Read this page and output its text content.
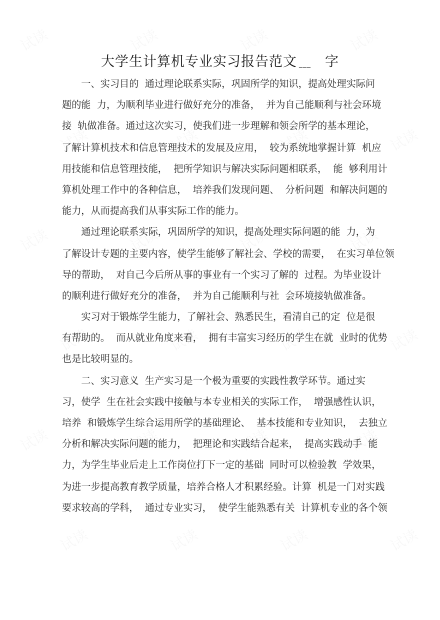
大学生计算机专业实习报告范文 ___ 字
　　一、实习目的  通过理论联系实际，巩固所学的知识，提高处理实际问
题的能  力，为顺利毕业进行做好充分的准备，  并为自己能顺利与社会环境
接  轨做准备。通过这次实习，使我们进一步理解和领会所学的基本理论，
了解计算机技术和信息管理技术的发展及应用，  较为系统地掌握计算  机应
用技能和信息管理技能，  把所学知识与解决实际问题相联系，  能  够利用计
算机处理工作中的各种信息，  培养我们发现问题、  分析问题  和解决问题的
能力，从而提高我们从事实际工作的能力。
　　通过理论联系实际，巩固所学的知识，提高处理实际问题的能  力，为
了解设计专题的主要内容，使学生能够了解社会、学校的需要，  在实习单位领
导的帮助，  对自己今后所从事的事业有一个实习了解的  过程。为毕业设计
的顺利进行做好充分的准备，  并为自己能顺利与社  会环境接轨做准备。
　　实习对于锻炼学生能力，了解社会、熟悉民生，看清自己的定  位是很
有帮助的。  而从就业角度来看，  拥有丰富实习经历的学生在就  业时的优势
也是比较明显的。
　　二、实习意义  生产实习是一个极为重要的实践性教学环节。通过实
习，使学  生在社会实践中接触与本专业相关的实际工作，  增强感性认识，
培养  和锻炼学生综合运用所学的基础理论、  基本技能和专业知识，  去独立
分析和解决实际问题的能力，  把理论和实践结合起来，  提高实践动手  能
力，为学生毕业后走上工作岗位打下一定的基础  同时可以检验教  学效果，
为进一步提高教育教学质量，培养合格人才积累经验。计算  机是一门对实践
要求较高的学科，  通过专业实习，  使学生能熟悉有关  计算机专业的各个领
